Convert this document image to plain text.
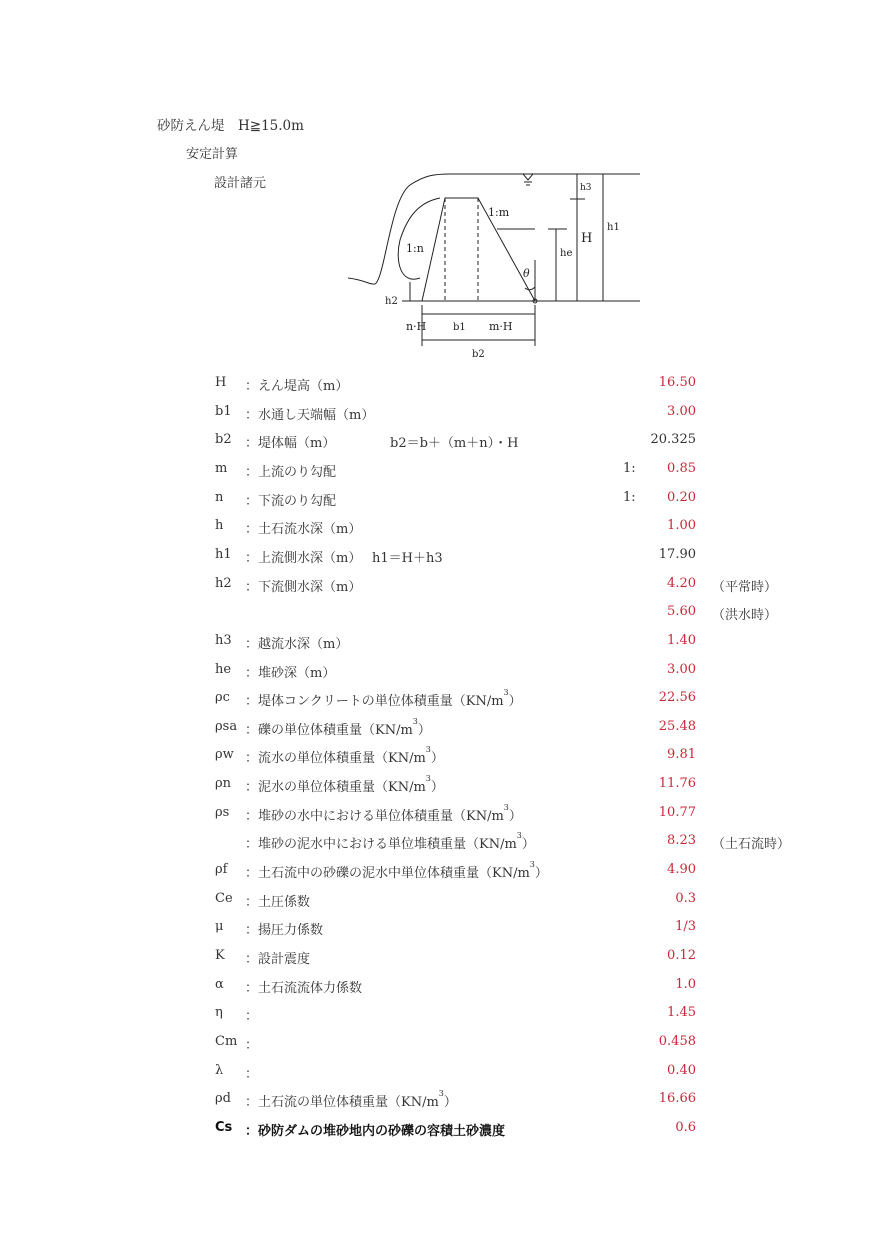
砂防えん堤　H≧15.0m
安定計算
設計諸元
1:m
1:n
h3
H
h1
he
θ
h2
n·H	b1 m·H
b2
H ：えん堤高（m）	16.50
b1 ：水通し天端幅（m）	3.00
b2 ：堤体幅（m）	b2＝b＋（m＋n）・H	20.325
m ：上流のり勾配	1: 0.85
n ：下流のり勾配	1: 0.20
h ：土石流水深（m）	1.00
h1 ：上流側水深（m） h1＝H＋h3	17.90
h2 ：下流側水深（m）	4.20 （平常時）
5.60 （洪水時）
h3 ：越流水深（m）	1.40
he ：堆砂深（m）	3.00
ρc ：堤体コンクリートの単位体積重量$(KN/m^3)$	22.56
ρsa ：礫の単位体積重量$(KN/m^3)$	25.48
ρw ：流水の単位体積重量$(KN/m^3)$	9.81
ρn ：泥水の単位体積重量$(KN/m^3)$	11.76
ρs ：堆砂の水中における単位体積重量$(KN/m^3)$	10.77
：堆砂の泥水中における単位堆積重量$(KN/m^3)$	8.23 （土石流時）
ρf ：土石流中の砂礫の泥水中単位体積重量$(KN/m^3)$	4.90
Ce ：土圧係数	0.3
μ ：揚圧力係数	1/3
K ：設計震度	0.12
α ：土石流流体力係数	1.0
η ：	1.45
Cm ：	0.458
λ ：	0.40
ρd ：土石流の単位体積重量$(KN/m^3)$	16.66
Cs ：砂防ダムの堆砂地内の砂礫の容積土砂濃度	0.6
